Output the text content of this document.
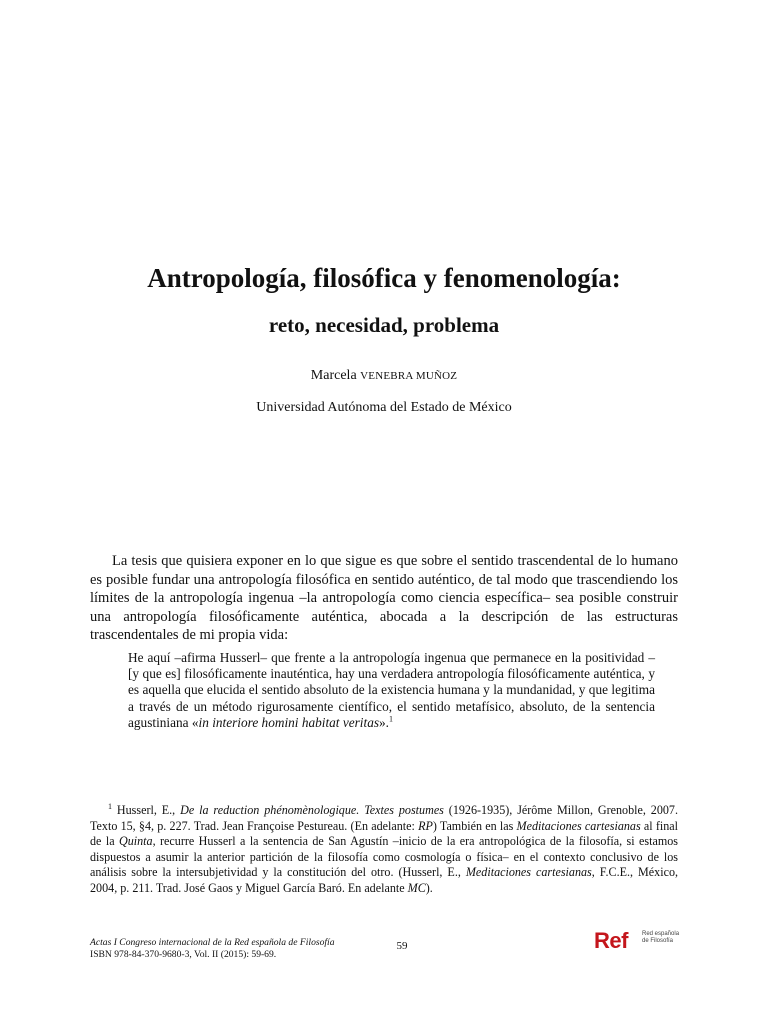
Antropología, filosófica y fenomenología:
reto, necesidad, problema
Marcela VENEBRA MUÑOZ
Universidad Autónoma del Estado de México

La tesis que quisiera exponer en lo que sigue es que sobre el sentido trascendental de lo humano es posible fundar una antropología filosófica en sentido auténtico, de tal modo que trascendiendo los límites de la antropología ingenua –la antropología como ciencia específica– sea posible construir una antropología filosóficamente auténtica, abocada a la descripción de las estructuras trascendentales de mi propia vida:

He aquí –afirma Husserl– que frente a la antropología ingenua que permanece en la positividad –[y que es] filosóficamente inauténtica, hay una verdadera antropología filosóficamente auténtica, y es aquella que elucida el sentido absoluto de la existencia humana y la mundanidad, y que legitima a través de un método rigurosamente científico, el sentido metafísico, absoluto, de la sentencia agustiniana «in interiore homini habitat veritas».$^1$

$^1$ Husserl, E., De la reduction phénomènologique. Textes postumes (1926-1935), Jérôme Millon, Grenoble, 2007. Texto 15, §4, p. 227. Trad. Jean Françoise Pestureau. (En adelante: RP) También en las Meditaciones cartesianas al final de la Quinta, recurre Husserl a la sentencia de San Agustín –inicio de la era antropológica de la filosofía, si estamos dispuestos a asumir la anterior partición de la filosofía como cosmología o física– en el contexto conclusivo de los análisis sobre la intersubjetividad y la constitución del otro. (Husserl, E., Meditaciones cartesianas, F.C.E., México, 2004, p. 211. Trad. José Gaos y Miguel García Baró. En adelante MC).

Actas I Congreso internacional de la Red española de Filosofía
ISBN 978-84-370-9680-3, Vol. II (2015): 59-69.
59	Ref Red española
de Filosofía
